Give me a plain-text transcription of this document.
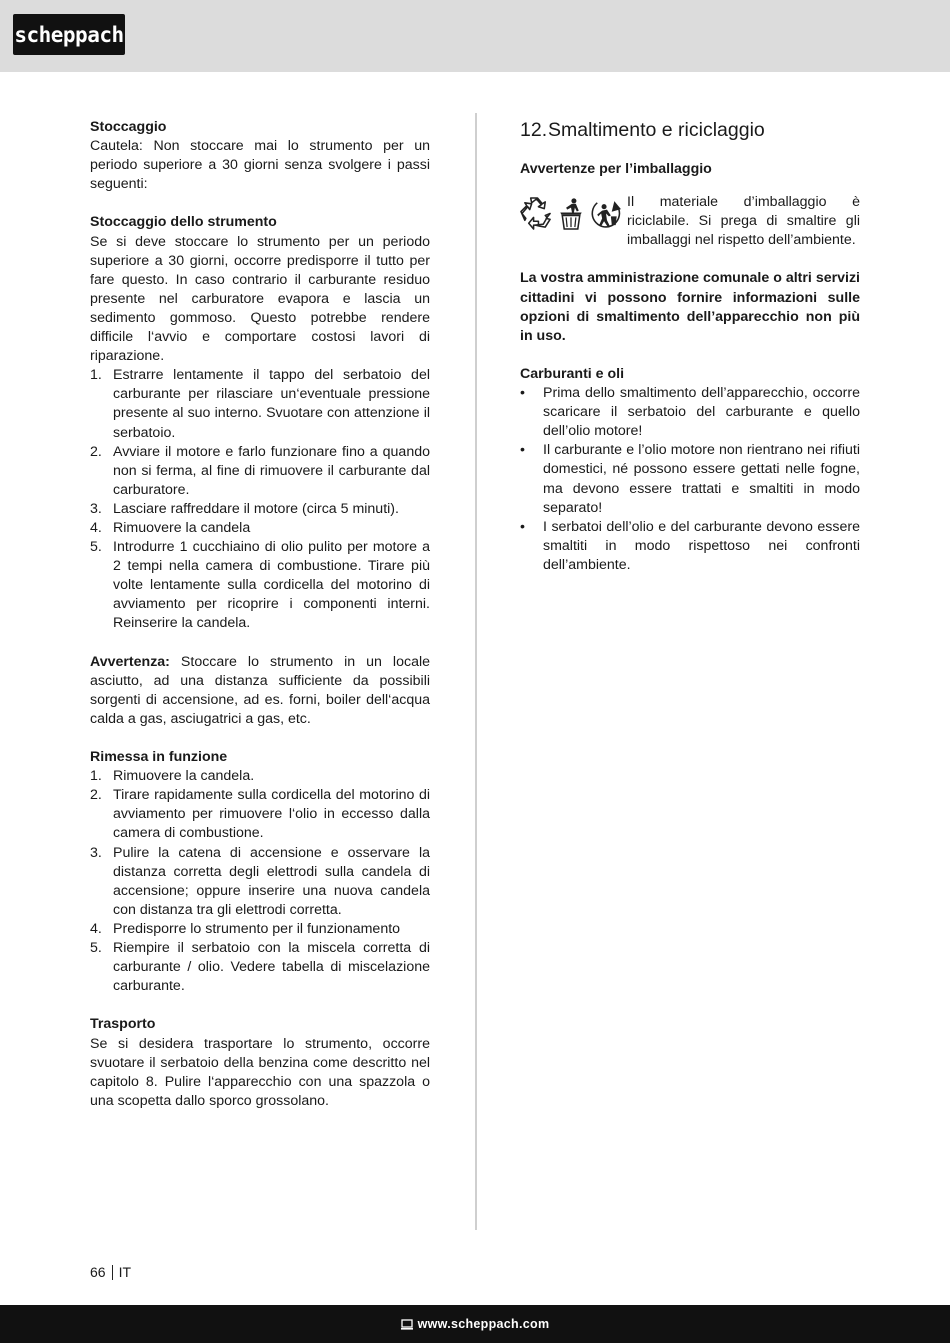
scheppach

Stoccaggio

Cautela: Non stoccare mai lo strumento per un periodo superiore a 30 giorni senza svolgere i passi seguenti:

Stoccaggio dello strumento

Se si deve stoccare lo strumento per un periodo superiore a 30 giorni, occorre predisporre il tutto per fare questo. In caso contrario il carburante residuo presente nel carburatore evapora e lascia un sedimento gommoso. Questo potrebbe rendere difficile l‘avvio e comportare costosi lavori di riparazione.

1. Estrarre lentamente il tappo del serbatoio del carburante per rilasciare un‘eventuale pressione presente al suo interno. Svuotare con attenzione il serbatoio.
2. Avviare il motore e farlo funzionare fino a quando non si ferma, al fine di rimuovere il carburante dal carburatore.
3. Lasciare raffreddare il motore (circa 5 minuti).
4. Rimuovere la candela
5. Introdurre 1 cucchiaino di olio pulito per motore a 2 tempi nella camera di combustione. Tirare più volte lentamente sulla cordicella del motorino di avviamento per ricoprire i componenti interni. Reinserire la candela.

Avvertenza: Stoccare lo strumento in un locale asciutto, ad una distanza sufficiente da possibili sorgenti di accensione, ad es. forni, boiler dell‘acqua calda a gas, asciugatrici a gas, etc.

Rimessa in funzione

1. Rimuovere la candela.
2. Tirare rapidamente sulla cordicella del motorino di avviamento per rimuovere l‘olio in eccesso dalla camera di combustione.
3. Pulire la catena di accensione e osservare la distanza corretta degli elettrodi sulla candela di accensione; oppure inserire una nuova candela con distanza tra gli elettrodi corretta.
4. Predisporre lo strumento per il funzionamento
5. Riempire il serbatoio con la miscela corretta di carburante / olio. Vedere tabella di miscelazione carburante.

Trasporto

Se si desidera trasportare lo strumento, occorre svuotare il serbatoio della benzina come descritto nel capitolo 8. Pulire l‘apparecchio con una spazzola o una scopetta dallo sporco grossolano.

12. Smaltimento e riciclaggio

Avvertenze per l’imballaggio

Il materiale d’imballaggio è riciclabile. Si prega di smaltire gli imballaggi nel rispetto dell’ambiente.

La vostra amministrazione comunale o altri servizi cittadini vi possono fornire informazioni sulle opzioni di smaltimento dell’apparecchio non più in uso.

Carburanti e oli

•	Prima dello smaltimento dell’apparecchio, occorre scaricare il serbatoio del carburante e quello dell’olio motore!
•	Il carburante e l’olio motore non rientrano nei rifiuti domestici, né possono essere gettati nelle fogne, ma devono essere trattati e smaltiti in modo separato!
•	I serbatoi dell’olio e del carburante devono essere smaltiti in modo rispettoso nei confronti dell’ambiente.
66 IT
www.scheppach.com
